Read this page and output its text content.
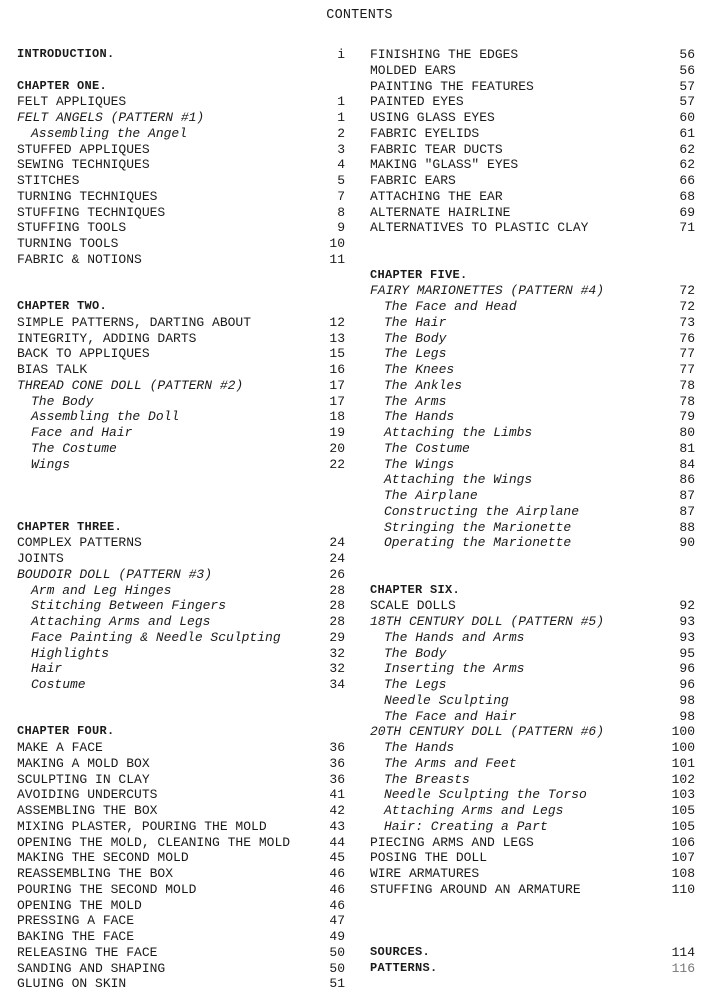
CONTENTS
INTRODUCTION.	i
CHAPTER ONE.
FELT APPLIQUES	1
FELT ANGELS (PATTERN #1)	1
Assembling the Angel	2
STUFFED APPLIQUES	3
SEWING TECHNIQUES	4
STITCHES	5
TURNING TECHNIQUES	7
STUFFING TECHNIQUES	8
STUFFING TOOLS	9
TURNING TOOLS	10
FABRIC & NOTIONS	11
CHAPTER TWO.
SIMPLE PATTERNS, DARTING ABOUT	12
INTEGRITY, ADDING DARTS	13
BACK TO APPLIQUES	15
BIAS TALK	16
THREAD CONE DOLL (PATTERN #2)	17
The Body	17
Assembling the Doll	18
Face and Hair	19
The Costume	20
Wings	22
CHAPTER THREE.
COMPLEX PATTERNS	24
JOINTS	24
BOUDOIR DOLL (PATTERN #3)	26
Arm and Leg Hinges	28
Stitching Between Fingers	28
Attaching Arms and Legs	28
Face Painting & Needle Sculpting	29
Highlights	32
Hair	32
Costume	34
CHAPTER FOUR.
MAKE A FACE	36
MAKING A MOLD BOX	36
SCULPTING IN CLAY	36
AVOIDING UNDERCUTS	41
ASSEMBLING THE BOX	42
MIXING PLASTER, POURING THE MOLD	43
OPENING THE MOLD, CLEANING THE MOLD	44
MAKING THE SECOND MOLD	45
REASSEMBLING THE BOX	46
POURING THE SECOND MOLD	46
OPENING THE MOLD	46
PRESSING A FACE	47
BAKING THE FACE	49
RELEASING THE FACE	50
SANDING AND SHAPING	50
GLUING ON SKIN	51
FINISHING THE EDGES	56
MOLDED EARS	56
PAINTING THE FEATURES	57
PAINTED EYES	57
USING GLASS EYES	60
FABRIC EYELIDS	61
FABRIC TEAR DUCTS	62
MAKING "GLASS" EYES	62
FABRIC EARS	66
ATTACHING THE EAR	68
ALTERNATE HAIRLINE	69
ALTERNATIVES TO PLASTIC CLAY	71
CHAPTER FIVE.
FAIRY MARIONETTES (PATTERN #4)	72
The Face and Head	72
The Hair	73
The Body	76
The Legs	77
The Knees	77
The Ankles	78
The Arms	78
The Hands	79
Attaching the Limbs	80
The Costume	81
The Wings	84
Attaching the Wings	86
The Airplane	87
Constructing the Airplane	87
Stringing the Marionette	88
Operating the Marionette	90
CHAPTER SIX.
SCALE DOLLS	92
18TH CENTURY DOLL (PATTERN #5)	93
The Hands and Arms	93
The Body	95
Inserting the Arms	96
The Legs	96
Needle Sculpting	98
The Face and Hair	98
20TH CENTURY DOLL (PATTERN #6)	100
The Hands	100
The Arms and Feet	101
The Breasts	102
Needle Sculpting the Torso	103
Attaching Arms and Legs	105
Hair: Creating a Part	105
PIECING ARMS AND LEGS	106
POSING THE DOLL	107
WIRE ARMATURES	108
STUFFING AROUND AN ARMATURE	110
SOURCES.	114
PATTERNS.	116
